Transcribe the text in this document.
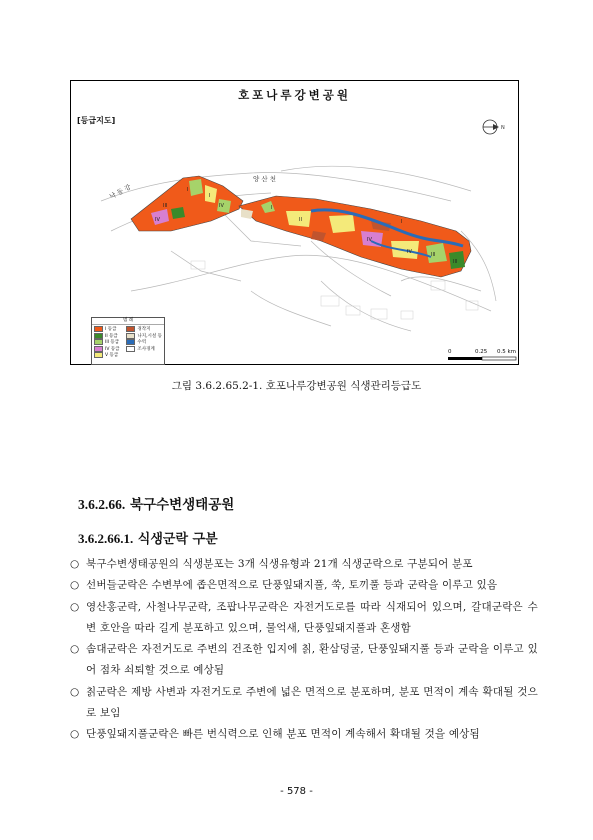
낙 동 강
양 산 천
I
I
III
IV
IV	I
II
IV
I
III
III
IV
N
호포나루강변공원
[등급지도]
범 례
I 등급
II 등급
III 등급
IV 등급
V 등급
경작지
나지,시설 등
수역
조사경계	0	0.25 0.5 km
그림 3.6.2.65.2-1. 호포나루강변공원 식생관리등급도
3.6.2.66. 북구수변생태공원
3.6.2.66.1. 식생군락 구분
○ 북구수변생태공원의 식생분포는 3개 식생유형과 21개 식생군락으로 구분되어 분포
○ 선버들군락은 수변부에 좁은면적으로 단풍잎돼지풀, 쑥, 토끼풀 등과 군락을 이루고 있음
○ 영산홍군락, 사철나무군락, 조팝나무군락은 자전거도로를 따라 식재되어 있으며, 갈대군락은 수변 호안을 따라 길게 분포하고 있으며, 물억새, 단풍잎돼지풀과 혼생함
○ 솜대군락은 자전거도로 주변의 건조한 입지에 칡, 환삼덩굴, 단풍잎돼지풀 등과 군락을 이루고 있어 점차 쇠퇴할 것으로 예상됨
○ 칡군락은 제방 사변과 자전거도로 주변에 넓은 면적으로 분포하며, 분포 면적이 계속 확대될 것으로 보임
○ 단풍잎돼지풀군락은 빠른 번식력으로 인해 분포 면적이 계속해서 확대될 것을 예상됨
- 578 -
